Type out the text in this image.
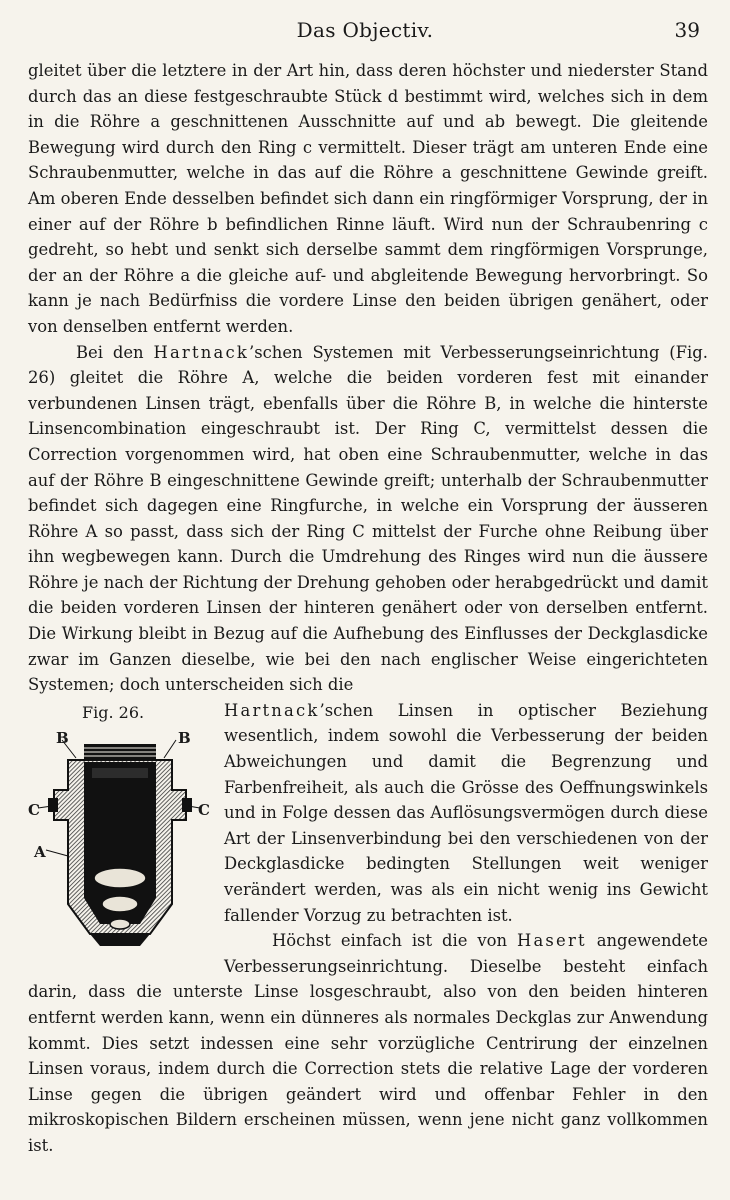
Das Objectiv.	39

gleitet über die letztere in der Art hin, dass deren höchster und niederster Stand durch das an diese festgeschraubte Stück d bestimmt wird, welches sich in dem in die Röhre a geschnittenen Ausschnitte auf und ab bewegt. Die gleitende Bewegung wird durch den Ring c vermittelt. Dieser trägt am unteren Ende eine Schraubenmutter, welche in das auf die Röhre a geschnittene Gewinde greift. Am oberen Ende desselben befindet sich dann ein ringförmiger Vorsprung, der in einer auf der Röhre b befindlichen Rinne läuft. Wird nun der Schraubenring c gedreht, so hebt und senkt sich derselbe sammt dem ringförmigen Vorsprunge, der an der Röhre a die gleiche auf- und abgleitende Bewegung hervorbringt. So kann je nach Bedürfniss die vordere Linse den beiden übrigen genähert, oder von denselben entfernt werden.

Bei den Hartnack’schen Systemen mit Verbesserungseinrichtung (Fig. 26) gleitet die Röhre A, welche die beiden vorderen fest mit einander verbundenen Linsen trägt, ebenfalls über die Röhre B, in welche die hinterste Linsencombination eingeschraubt ist. Der Ring C, vermittelst dessen die Correction vorgenommen wird, hat oben eine Schraubenmutter, welche in das auf der Röhre B eingeschnittene Gewinde greift; unterhalb der Schraubenmutter befindet sich dagegen eine Ringfurche, in welche ein Vorsprung der äusseren Röhre A so passt, dass sich der Ring C mittelst der Furche ohne Reibung über ihn wegbewegen kann. Durch die Umdrehung des Ringes wird nun die äussere Röhre je nach der Richtung der Drehung gehoben oder herabgedrückt und damit die beiden vorderen Linsen der hinteren genähert oder von derselben entfernt. Die Wirkung bleibt in Bezug auf die Aufhebung des Einflusses der Deckglasdicke zwar im Ganzen dieselbe, wie bei den nach englischer Weise eingerichteten Systemen; doch unterscheiden sich die

Fig. 26.
B	B
C	C
A

Hartnack’schen Linsen in optischer Beziehung wesentlich, indem sowohl die Verbesserung der beiden Abweichungen und damit die Begrenzung und Farbenfreiheit, als auch die Grösse des Oeffnungswinkels und in Folge dessen das Auflösungsvermögen durch diese Art der Linsenverbindung bei den verschiedenen von der Deckglasdicke bedingten Stellungen weit weniger verändert werden, was als ein nicht wenig ins Gewicht fallender Vorzug zu betrachten ist.

Höchst einfach ist die von Hasert angewendete Verbesserungseinrichtung. Dieselbe besteht einfach darin, dass die unterste Linse losgeschraubt, also von den beiden hinteren entfernt werden kann, wenn ein dünneres als normales Deckglas zur Anwendung kommt. Dies setzt indessen eine sehr vorzügliche Centrirung der einzelnen Linsen voraus, indem durch die Correction stets die relative Lage der vorderen Linse gegen die übrigen geändert wird und offenbar Fehler in den mikroskopischen Bildern erscheinen müssen, wenn jene nicht ganz vollkommen ist.
